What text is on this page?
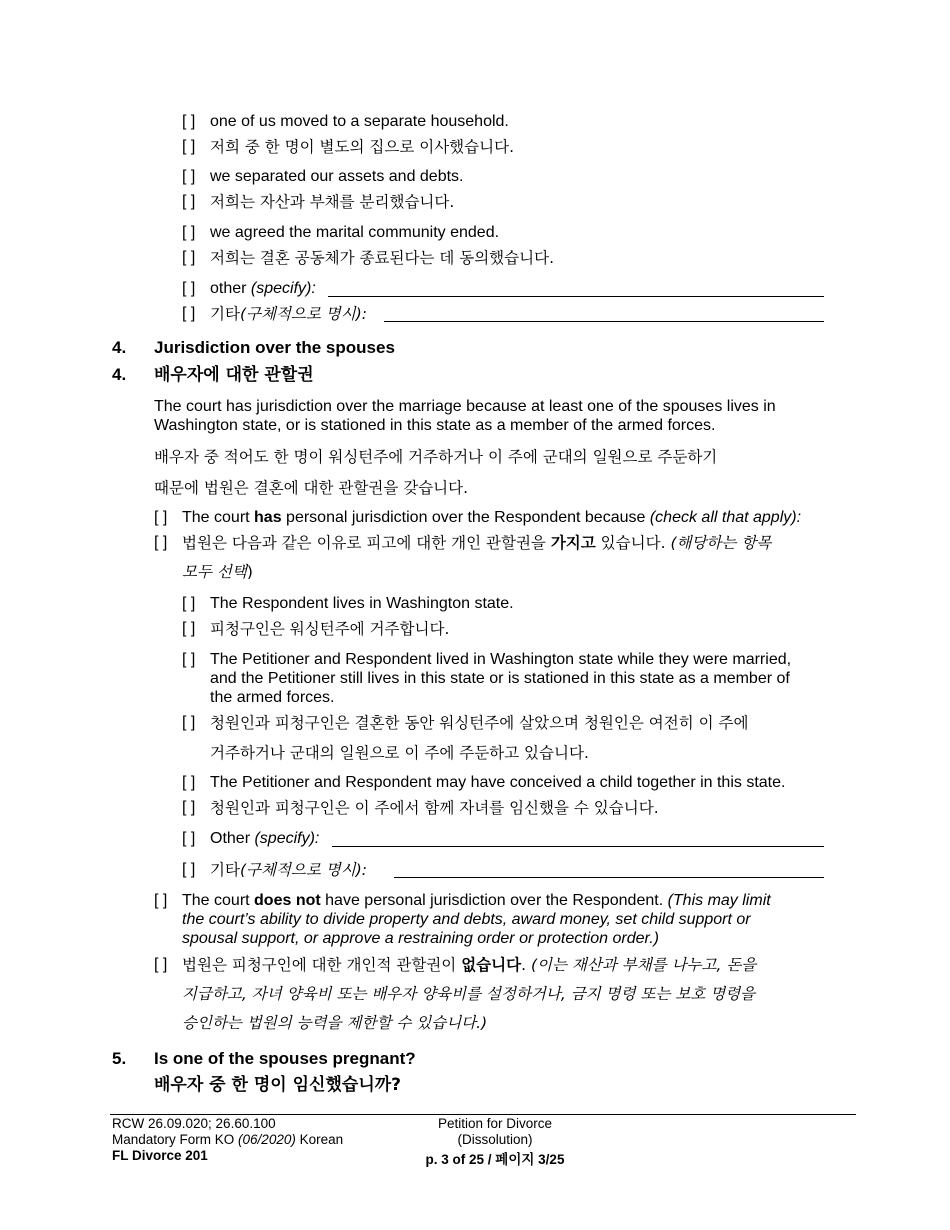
[ ] one of us moved to a separate household.
[ ] 저희 중 한 명이 별도의 집으로 이사했습니다.
[ ] we separated our assets and debts.
[ ] 저희는 자산과 부채를 분리했습니다.
[ ] we agreed the marital community ended.
[ ] 저희는 결혼 공동체가 종료된다는 데 동의했습니다.
[ ] other (specify):
[ ] 기타(구체적으로 명시):
4. Jurisdiction over the spouses
4. 배우자에 대한 관할권
The court has jurisdiction over the marriage because at least one of the spouses lives in
Washington state, or is stationed in this state as a member of the armed forces.
배우자 중 적어도 한 명이 워싱턴주에 거주하거나 이 주에 군대의 일원으로 주둔하기
때문에 법원은 결혼에 대한 관할권을 갖습니다.
[ ] The court has personal jurisdiction over the Respondent because (check all that apply):
[ ] 법원은 다음과 같은 이유로 피고에 대한 개인 관할권을 가지고 있습니다. (해당하는 항목
모두 선택)
[ ] The Respondent lives in Washington state.
[ ] 피청구인은 워싱턴주에 거주합니다.
[ ] The Petitioner and Respondent lived in Washington state while they were married,
and the Petitioner still lives in this state or is stationed in this state as a member of
the armed forces.
[ ] 청원인과 피청구인은 결혼한 동안 워싱턴주에 살았으며 청원인은 여전히 이 주에
거주하거나 군대의 일원으로 이 주에 주둔하고 있습니다.
[ ] The Petitioner and Respondent may have conceived a child together in this state.
[ ] 청원인과 피청구인은 이 주에서 함께 자녀를 임신했을 수 있습니다.
[ ] Other (specify):
[ ] 기타(구체적으로 명시):
[ ] The court does not have personal jurisdiction over the Respondent. (This may limit
the court’s ability to divide property and debts, award money, set child support or
spousal support, or approve a restraining order or protection order.)
[ ] 법원은 피청구인에 대한 개인적 관할권이 없습니다. (이는 재산과 부채를 나누고, 돈을
지급하고, 자녀 양육비 또는 배우자 양육비를 설정하거나, 금지 명령 또는 보호 명령을
승인하는 법원의 능력을 제한할 수 있습니다.)
5. Is one of the spouses pregnant?
배우자 중 한 명이 임신했습니까?
RCW 26.09.020; 26.60.100
Mandatory Form KO (06/2020) Korean
FL Divorce 201
Petition for Divorce
(Dissolution)
p. 3 of 25 / 페이지 3/25
